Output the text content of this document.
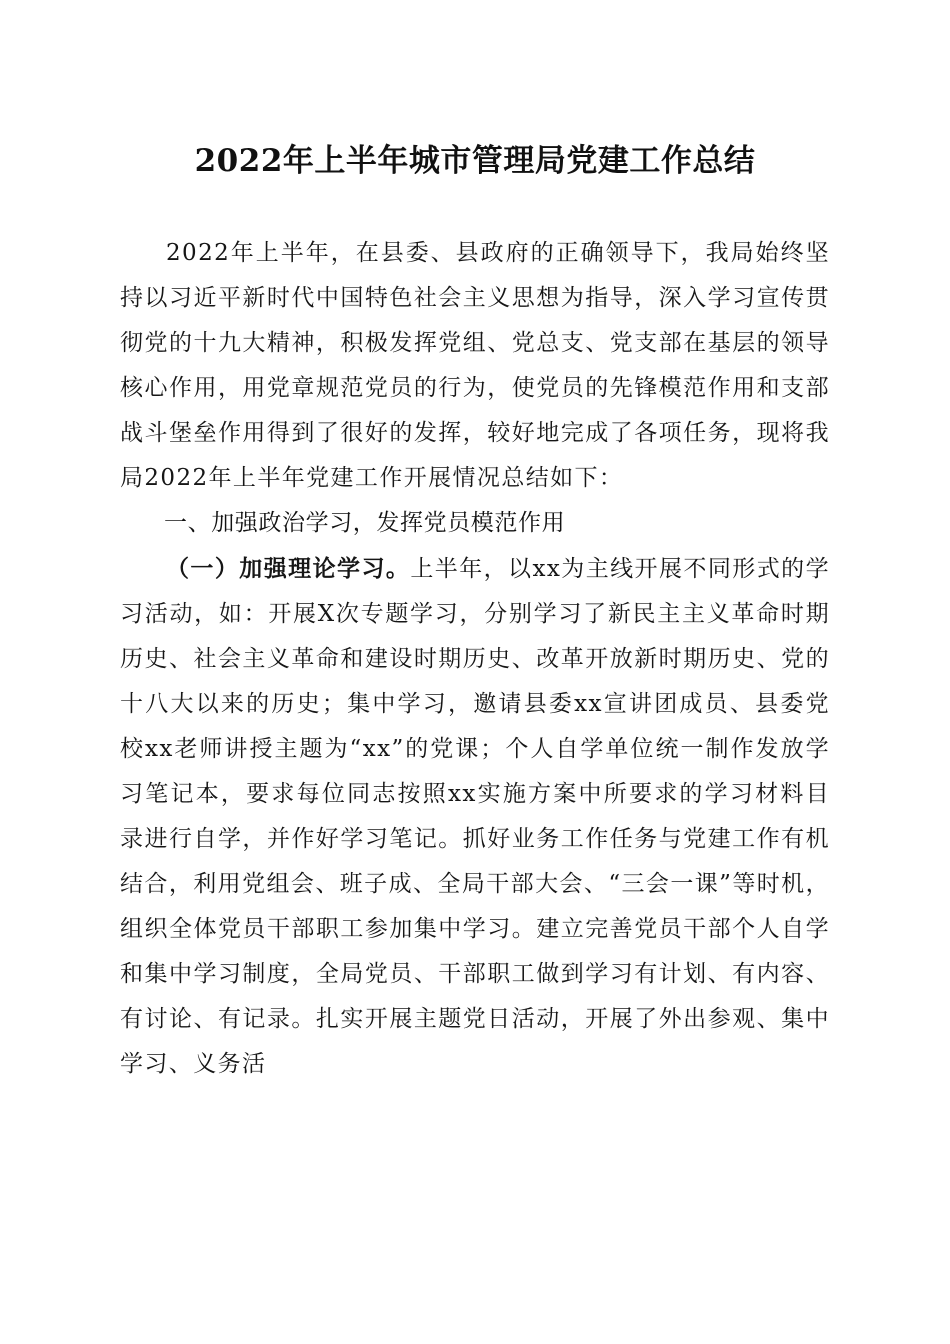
2022年上半年城市管理局党建工作总结

2022年上半年，在县委、县政府的正确领导下，我局始终坚持以习近平新时代中国特色社会主义思想为指导，深入学习宣传贯彻党的十九大精神，积极发挥党组、党总支、党支部在基层的领导核心作用，用党章规范党员的行为，使党员的先锋模范作用和支部战斗堡垒作用得到了很好的发挥，较好地完成了各项任务，现将我局2022年上半年党建工作开展情况总结如下：

一、加强政治学习，发挥党员模范作用

（一）加强理论学习。上半年，以xx为主线开展不同形式的学习活动，如：开展X次专题学习，分别学习了新民主主义革命时期历史、社会主义革命和建设时期历史、改革开放新时期历史、党的十八大以来的历史；集中学习，邀请县委xx宣讲团成员、县委党校xx老师讲授主题为“xx”的党课；个人自学单位统一制作发放学习笔记本，要求每位同志按照xx实施方案中所要求的学习材料目录进行自学，并作好学习笔记。抓好业务工作任务与党建工作有机结合，利用党组会、班子成、全局干部大会、“三会一课”等时机，组织全体党员干部职工参加集中学习。建立完善党员干部个人自学和集中学习制度，全局党员、干部职工做到学习有计划、有内容、有讨论、有记录。扎实开展主题党日活动，开展了外出参观、集中学习、义务活
